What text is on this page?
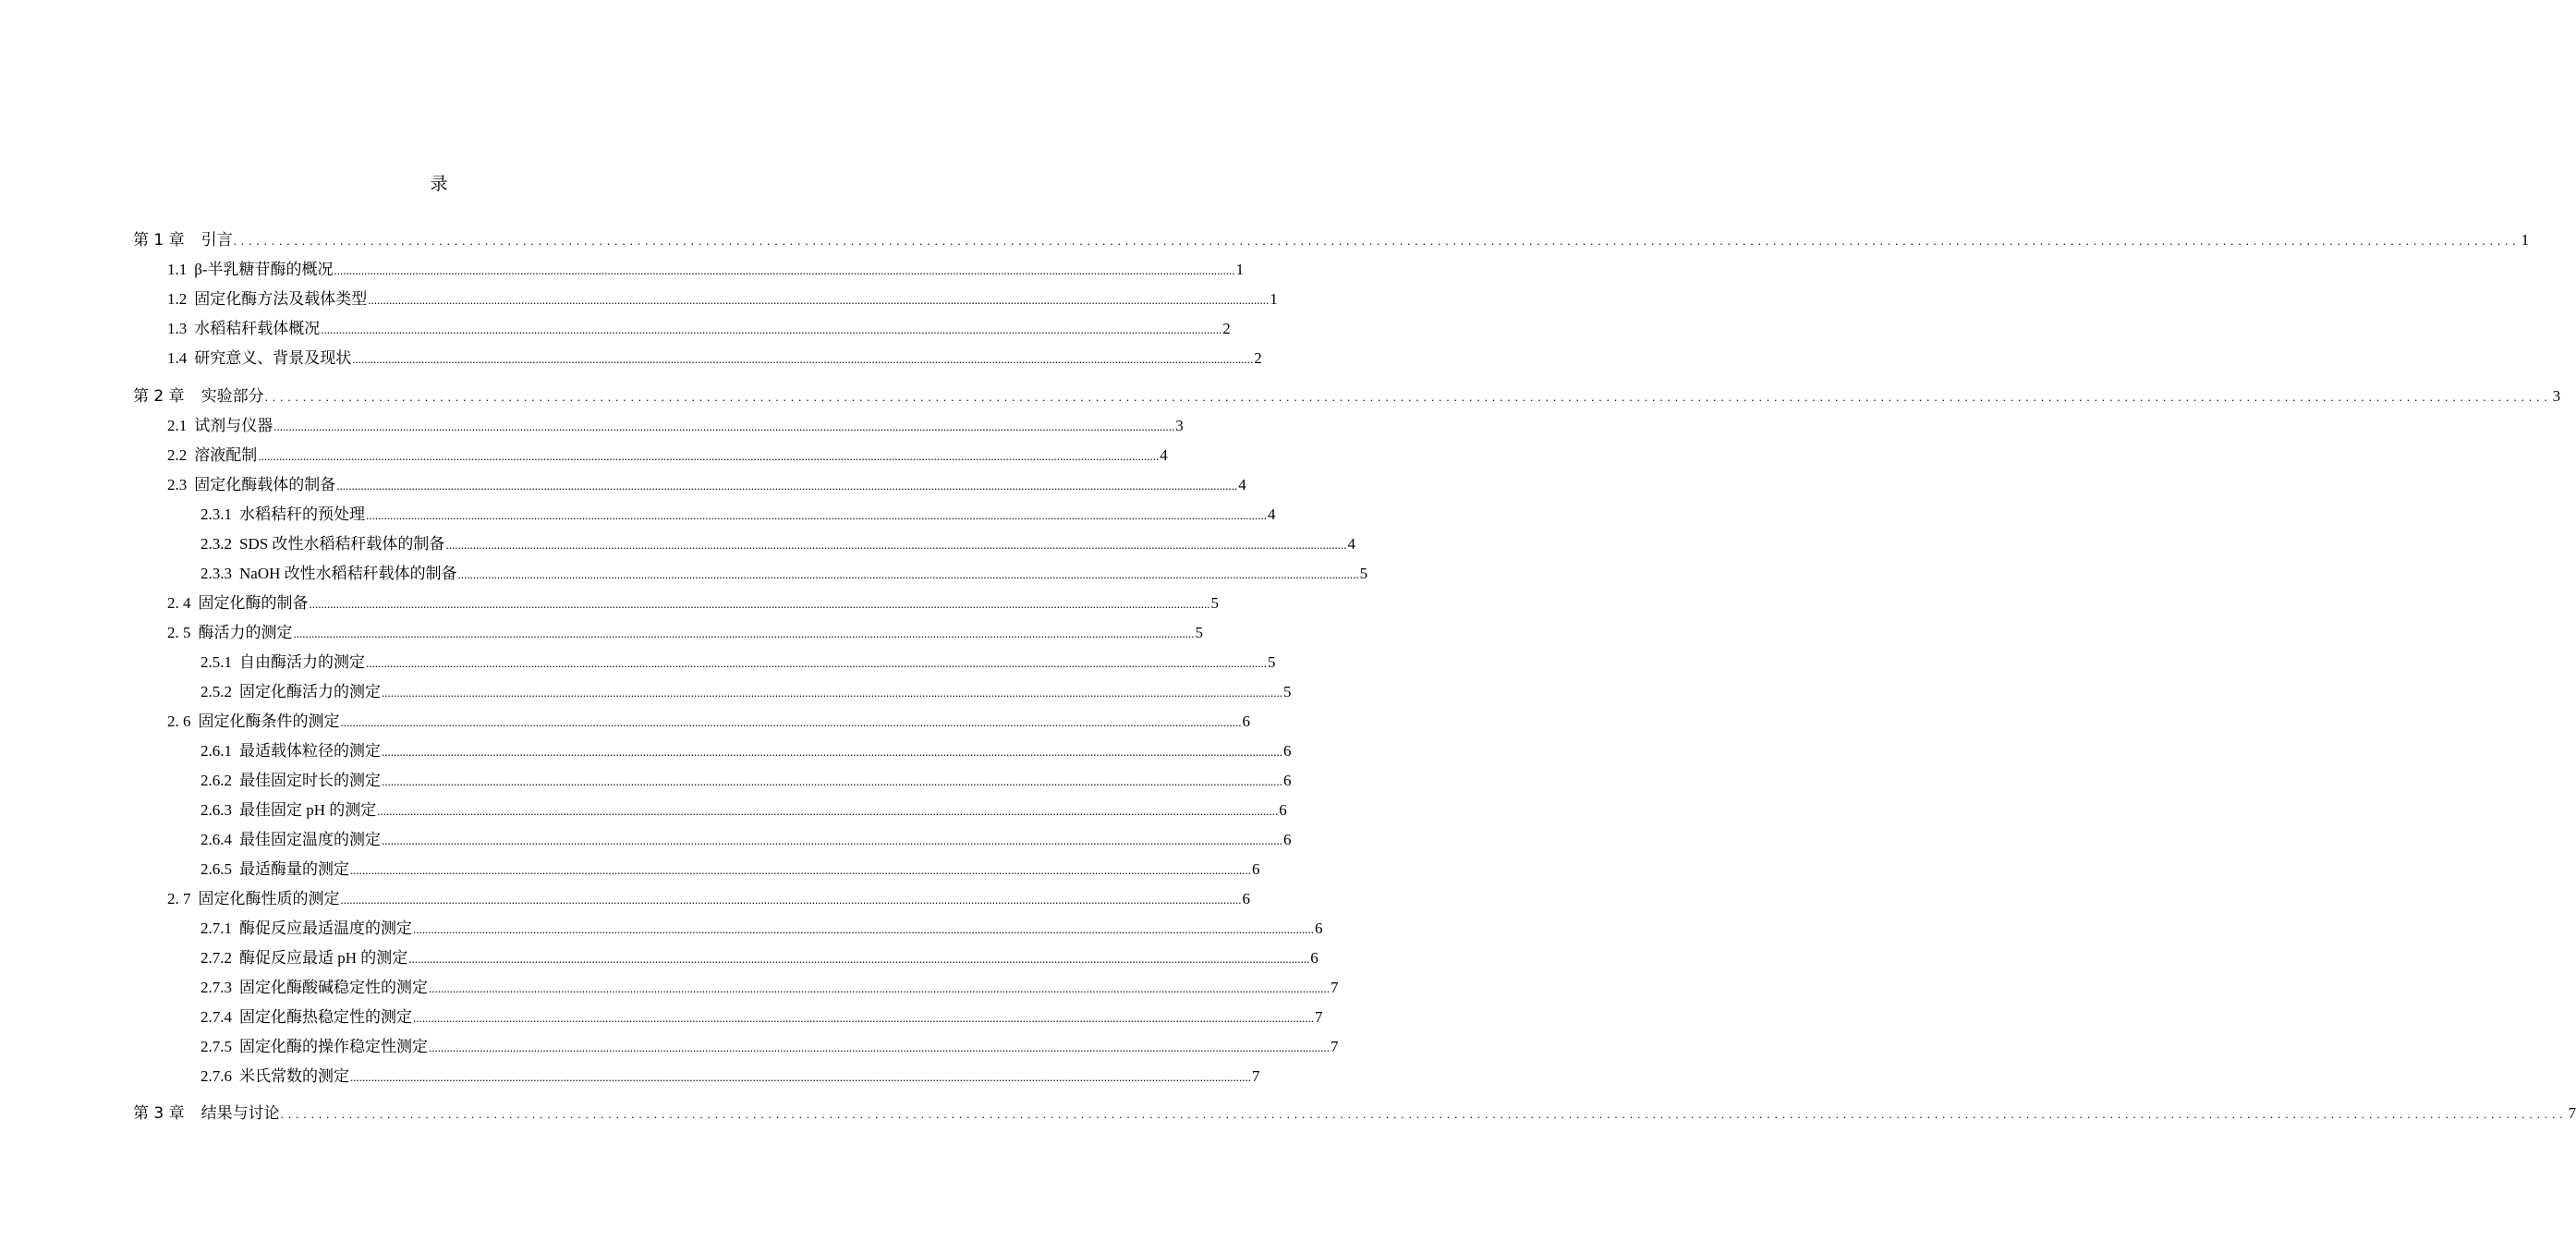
录
第 1 章 引言 ............................................................................................................................................................................................................................................................................................................ 1
1.1 β-半乳糖苷酶的概况 ............................................................................................................................................................................................................................................................................................................ 1
1.2 固定化酶方法及载体类型 ............................................................................................................................................................................................................................................................................................................ 1
1.3 水稻秸秆载体概况 ............................................................................................................................................................................................................................................................................................................ 2
1.4 研究意义、背景及现状 ............................................................................................................................................................................................................................................................................................................ 2
第 2 章 实验部分 ............................................................................................................................................................................................................................................................................................................ 3
2.1 试剂与仪器 ............................................................................................................................................................................................................................................................................................................ 3
2.2 溶液配制 ............................................................................................................................................................................................................................................................................................................ 4
2.3 固定化酶载体的制备 ............................................................................................................................................................................................................................................................................................................ 4
2.3.1 水稻秸秆的预处理 ............................................................................................................................................................................................................................................................................................................ 4
2.3.2 SDS 改性水稻秸秆载体的制备 ............................................................................................................................................................................................................................................................................................................ 4
2.3.3 NaOH 改性水稻秸秆载体的制备 ............................................................................................................................................................................................................................................................................................................ 5
2. 4 固定化酶的制备 ............................................................................................................................................................................................................................................................................................................ 5
2. 5 酶活力的测定 ............................................................................................................................................................................................................................................................................................................ 5
2.5.1 自由酶活力的测定 ............................................................................................................................................................................................................................................................................................................ 5
2.5.2 固定化酶活力的测定 ............................................................................................................................................................................................................................................................................................................ 5
2. 6 固定化酶条件的测定 ............................................................................................................................................................................................................................................................................................................ 6
2.6.1 最适载体粒径的测定 ............................................................................................................................................................................................................................................................................................................ 6
2.6.2 最佳固定时长的测定 ............................................................................................................................................................................................................................................................................................................ 6
2.6.3 最佳固定 pH 的测定 ............................................................................................................................................................................................................................................................................................................ 6
2.6.4 最佳固定温度的测定 ............................................................................................................................................................................................................................................................................................................ 6
2.6.5 最适酶量的测定 ............................................................................................................................................................................................................................................................................................................ 6
2. 7 固定化酶性质的测定 ............................................................................................................................................................................................................................................................................................................ 6
2.7.1 酶促反应最适温度的测定 ............................................................................................................................................................................................................................................................................................................ 6
2.7.2 酶促反应最适 pH 的测定 ............................................................................................................................................................................................................................................................................................................ 6
2.7.3 固定化酶酸碱稳定性的测定 ............................................................................................................................................................................................................................................................................................................ 7
2.7.4 固定化酶热稳定性的测定 ............................................................................................................................................................................................................................................................................................................ 7
2.7.5 固定化酶的操作稳定性测定 ............................................................................................................................................................................................................................................................................................................ 7
2.7.6 米氏常数的测定 ............................................................................................................................................................................................................................................................................................................ 7
第 3 章 结果与讨论 ............................................................................................................................................................................................................................................................................................................ 7
